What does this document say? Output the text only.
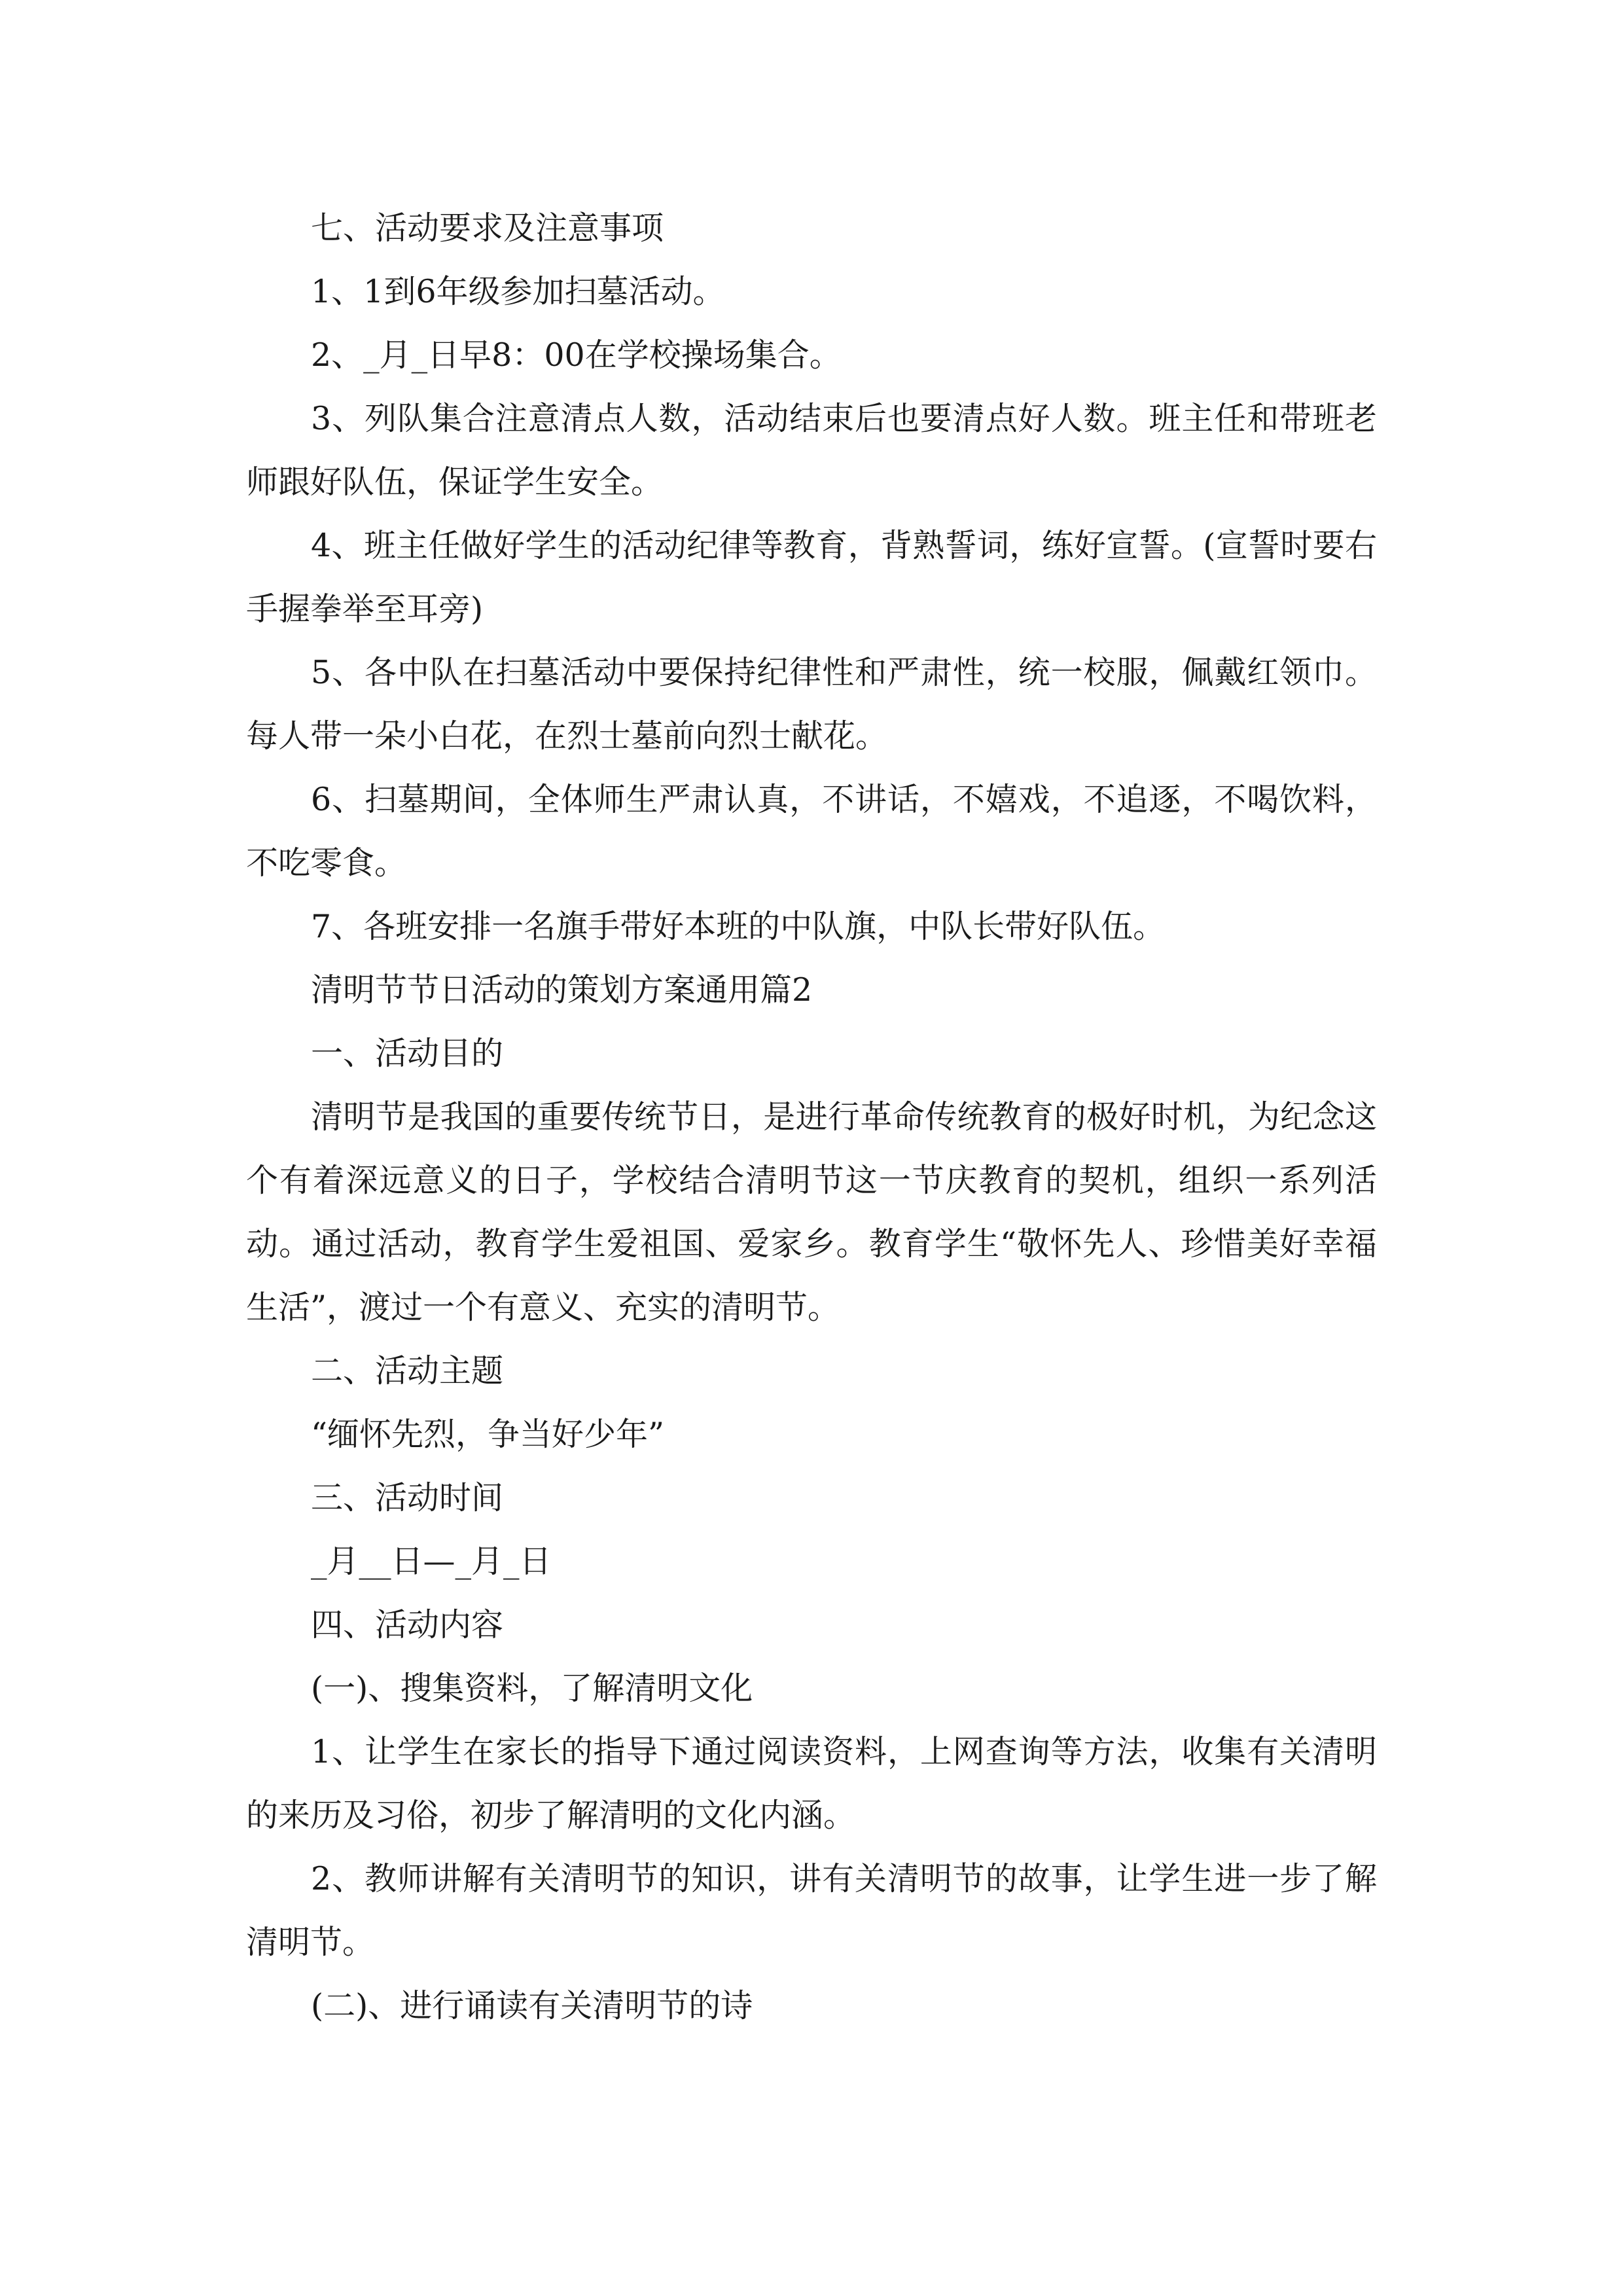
七、活动要求及注意事项

1、1到6年级参加扫墓活动。

2、_月_日早8：00在学校操场集合。

3、列队集合注意清点人数，活动结束后也要清点好人数。班主任和带班老师跟好队伍，保证学生安全。

4、班主任做好学生的活动纪律等教育，背熟誓词，练好宣誓。(宣誓时要右手握拳举至耳旁)

5、各中队在扫墓活动中要保持纪律性和严肃性，统一校服，佩戴红领巾。每人带一朵小白花，在烈士墓前向烈士献花。

6、扫墓期间，全体师生严肃认真，不讲话，不嬉戏，不追逐，不喝饮料，不吃零食。

7、各班安排一名旗手带好本班的中队旗，中队长带好队伍。

清明节节日活动的策划方案通用篇2

一、活动目的

清明节是我国的重要传统节日，是进行革命传统教育的极好时机，为纪念这个有着深远意义的日子，学校结合清明节这一节庆教育的契机，组织一系列活动。通过活动，教育学生爱祖国、爱家乡。教育学生“敬怀先人、珍惜美好幸福生活”，渡过一个有意义、充实的清明节。

二、活动主题

“缅怀先烈，争当好少年”

三、活动时间

_月__日—_月_日

四、活动内容

(一)、搜集资料，了解清明文化

1、让学生在家长的指导下通过阅读资料，上网查询等方法，收集有关清明的来历及习俗，初步了解清明的文化内涵。

2、教师讲解有关清明节的知识，讲有关清明节的故事，让学生进一步了解清明节。

(二)、进行诵读有关清明节的诗
